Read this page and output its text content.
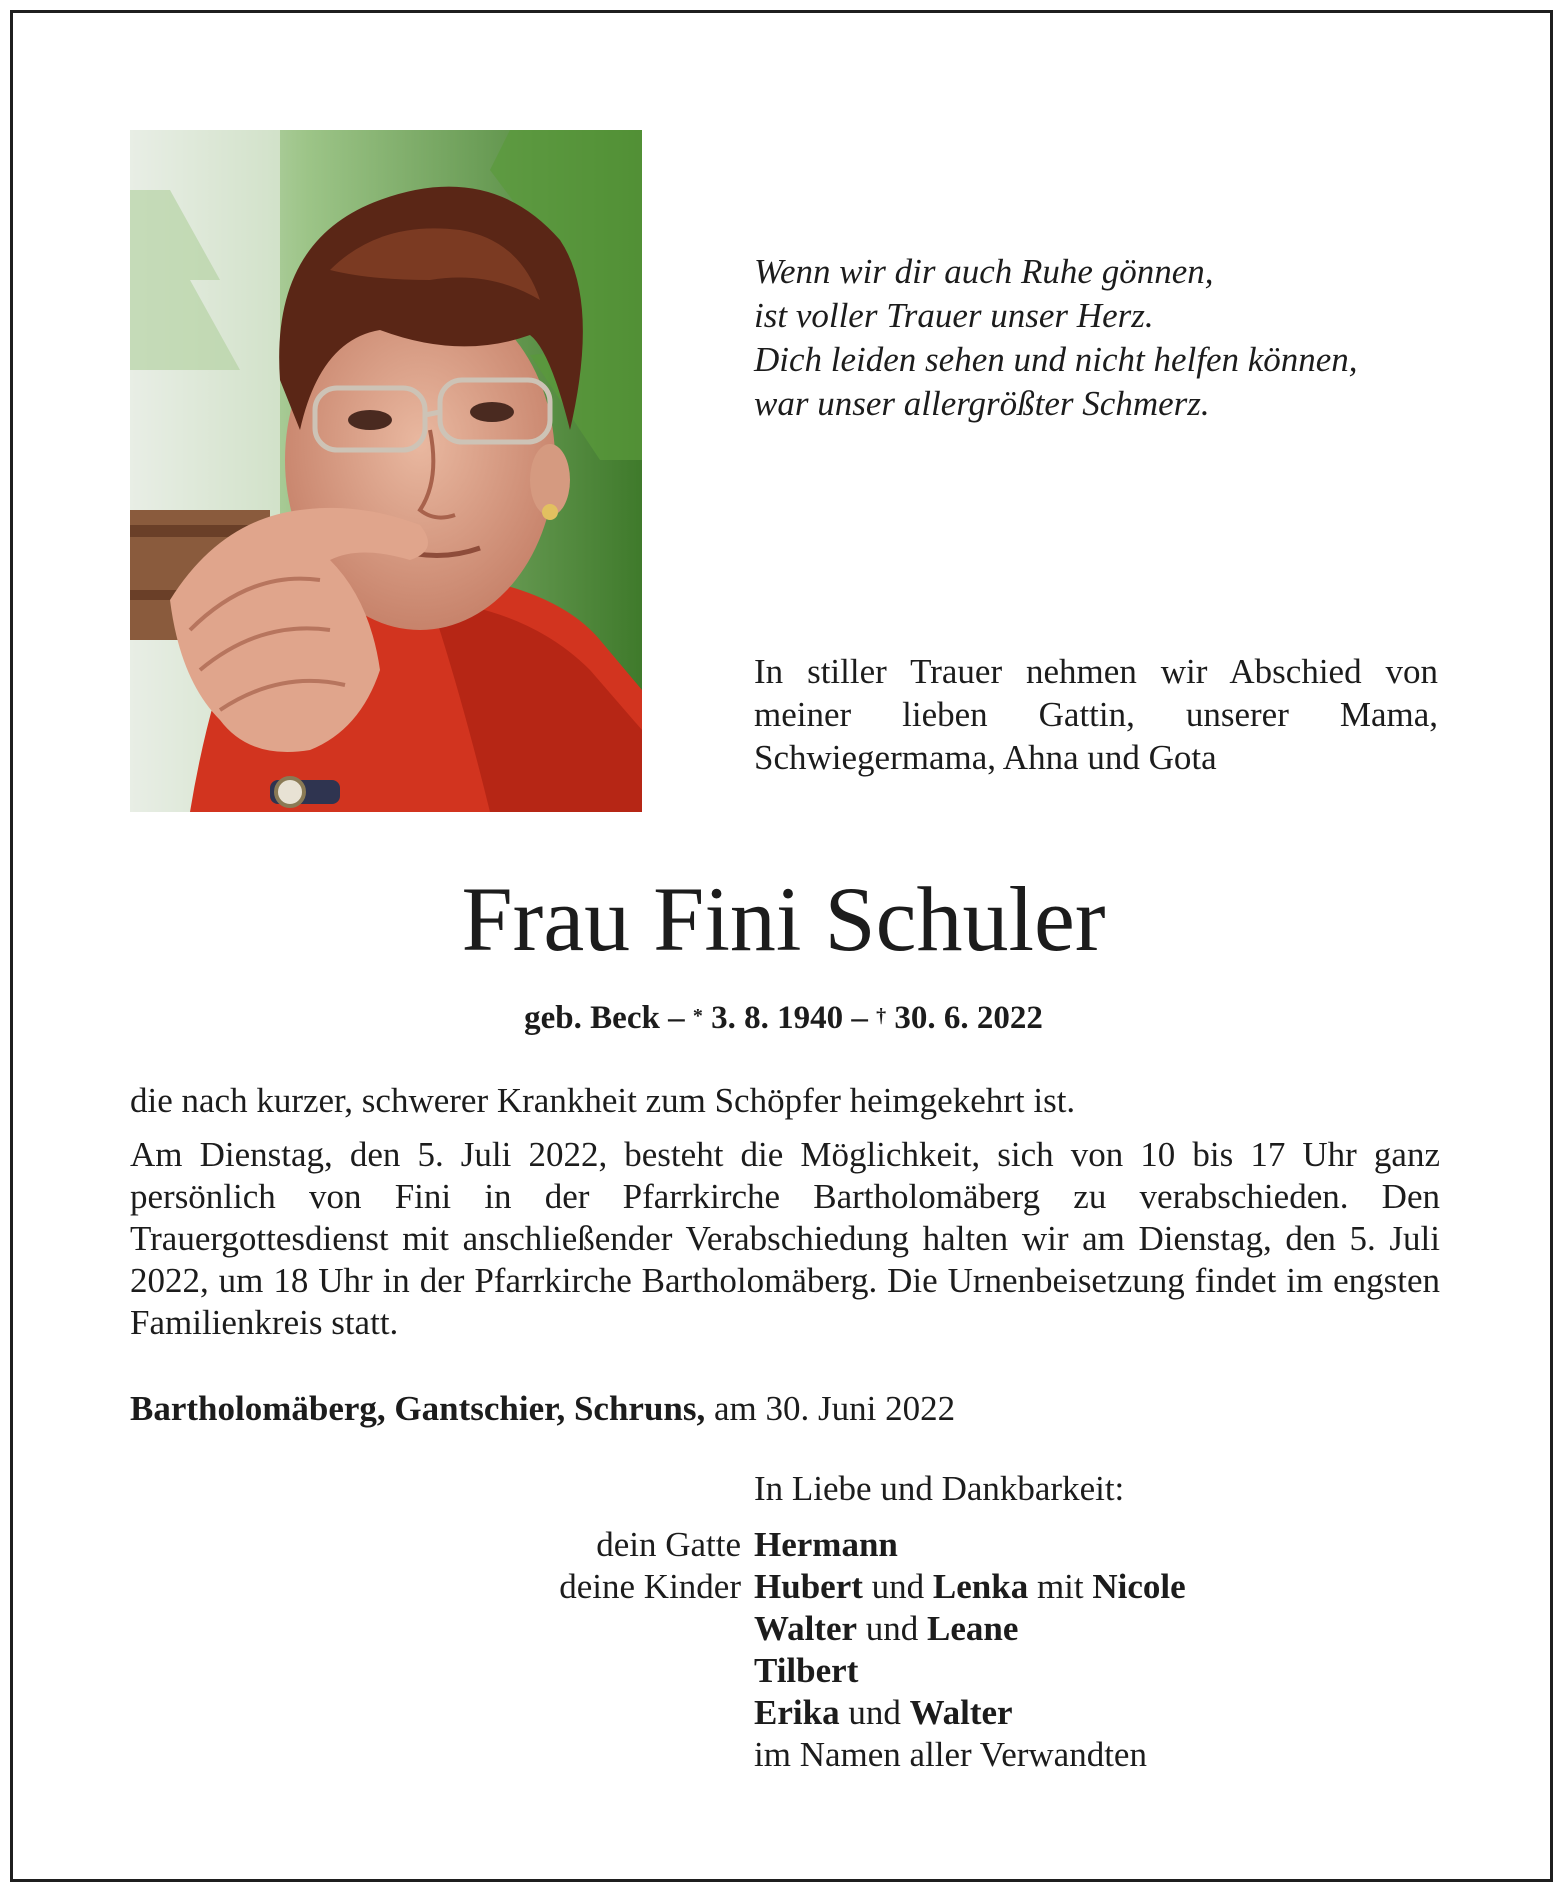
Wenn wir dir auch Ruhe gönnen,
ist voller Trauer unser Herz.
Dich leiden sehen und nicht helfen können,
war unser allergrößter Schmerz.
In stiller Trauer nehmen wir Abschied von meiner lieben Gattin, unserer Mama, Schwiegermama, Ahna und Gota
Frau Fini Schuler
geb. Beck – * 3. 8. 1940 – † 30. 6. 2022
die nach kurzer, schwerer Krankheit zum Schöpfer heimgekehrt ist.
Am Dienstag, den 5. Juli 2022, besteht die Möglichkeit, sich von 10 bis 17 Uhr ganz persönlich von Fini in der Pfarrkirche Bartholomäberg zu verabschieden. Den Trauergottesdienst mit anschließender Verabschiedung halten wir am Dienstag, den 5. Juli 2022, um 18 Uhr in der Pfarrkirche Bartholomäberg. Die Urnenbeisetzung findet im engsten Familienkreis statt.
Bartholomäberg, Gantschier, Schruns, am 30. Juni 2022
In Liebe und Dankbarkeit:
dein Gatte Hermann
deine Kinder Hubert und Lenka mit Nicole
Walter und Leane
Tilbert
Erika und Walter
im Namen aller Verwandten
